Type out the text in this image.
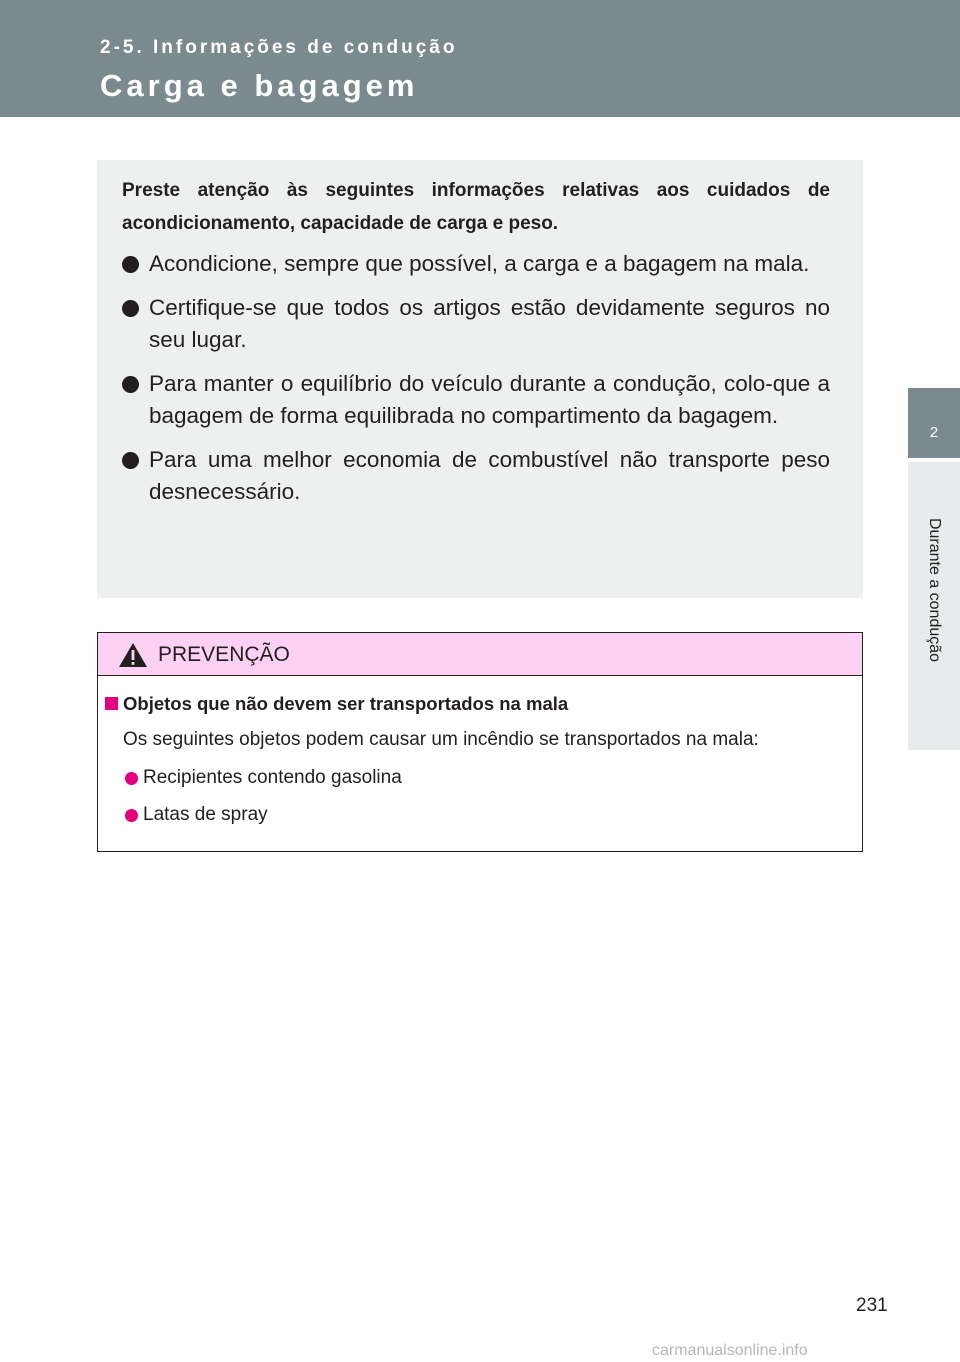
2-5. Informações de condução
Carga e bagagem
2
Durante a condução

Preste atenção às seguintes informações relativas aos cuidados de acondicionamento, capacidade de carga e peso.

Acondicione, sempre que possível, a carga e a bagagem na mala.
Certifique-se que todos os artigos estão devidamente seguros no seu lugar.
Para manter o equilíbrio do veículo durante a condução, colo-que a bagagem de forma equilibrada no compartimento da bagagem.
Para uma melhor economia de combustível não transporte peso desnecessário.
PREVENÇÃO
Objetos que não devem ser transportados na mala
Os seguintes objetos podem causar um incêndio se transportados na mala:
Recipientes contendo gasolina
Latas de spray
231
carmanualsonline.info
